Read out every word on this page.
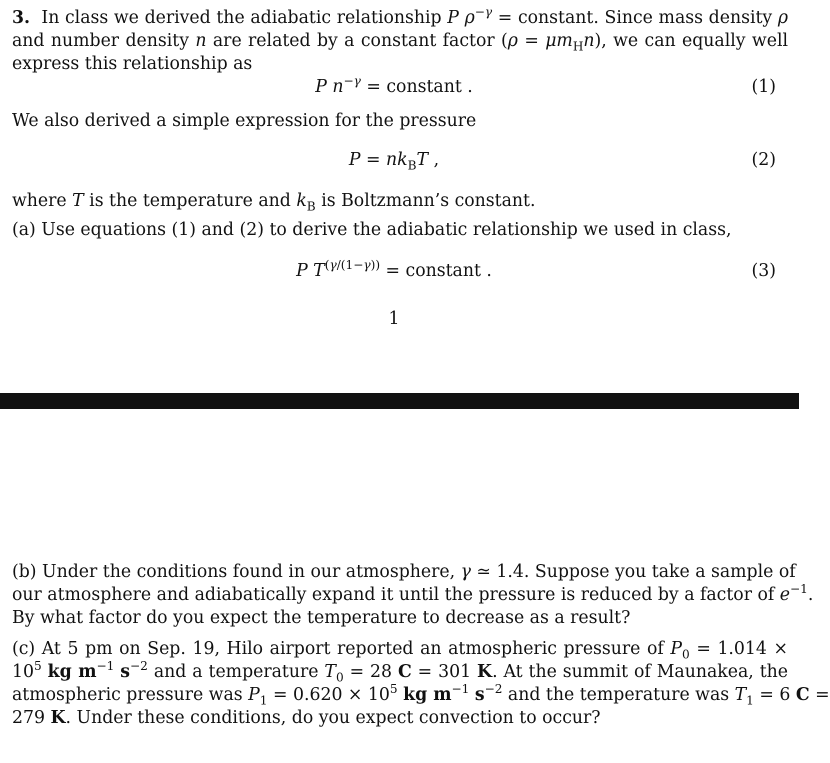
3.  In class we derived the adiabatic relationship P $\rho^{-\gamma}$ = constant. Since mass density ρ
and number density n are related by a constant factor $(\rho = \mu m_Hn)$, we can equally well
express this relationship as
P $n^{-\gamma}$ = constant .	(1)
We also derived a simple expression for the pressure
$P = nk_BT$ ,	(2)
where T is the temperature and $k_B$ is Boltzmann’s constant.
(a) Use equations (1) and (2) to derive the adiabatic relationship we used in class,
P $T^{(\gamma/(1-\gamma))}$ = constant .	(3)
1
(b) Under the conditions found in our atmosphere, γ ≃ 1.4. Suppose you take a sample of
our atmosphere and adiabatically expand it until the pressure is reduced by a factor of $e^{-1}$.
By what factor do you expect the temperature to decrease as a result?
(c) At 5 pm on Sep. 19, Hilo airport reported an atmospheric pressure of $P_0 = 1.014$ ×
$10^5$ kg $m^{-1}$ $s^{-2}$ and a temperature $T_0 = 28$ C = 301 K. At the summit of Maunakea, the
atmospheric pressure was $P_1 = 0.620 \times 10^5$ kg $m^{-1}$ $s^{-2}$ and the temperature was $T_1 = 6$ C =
279 K. Under these conditions, do you expect convection to occur?
